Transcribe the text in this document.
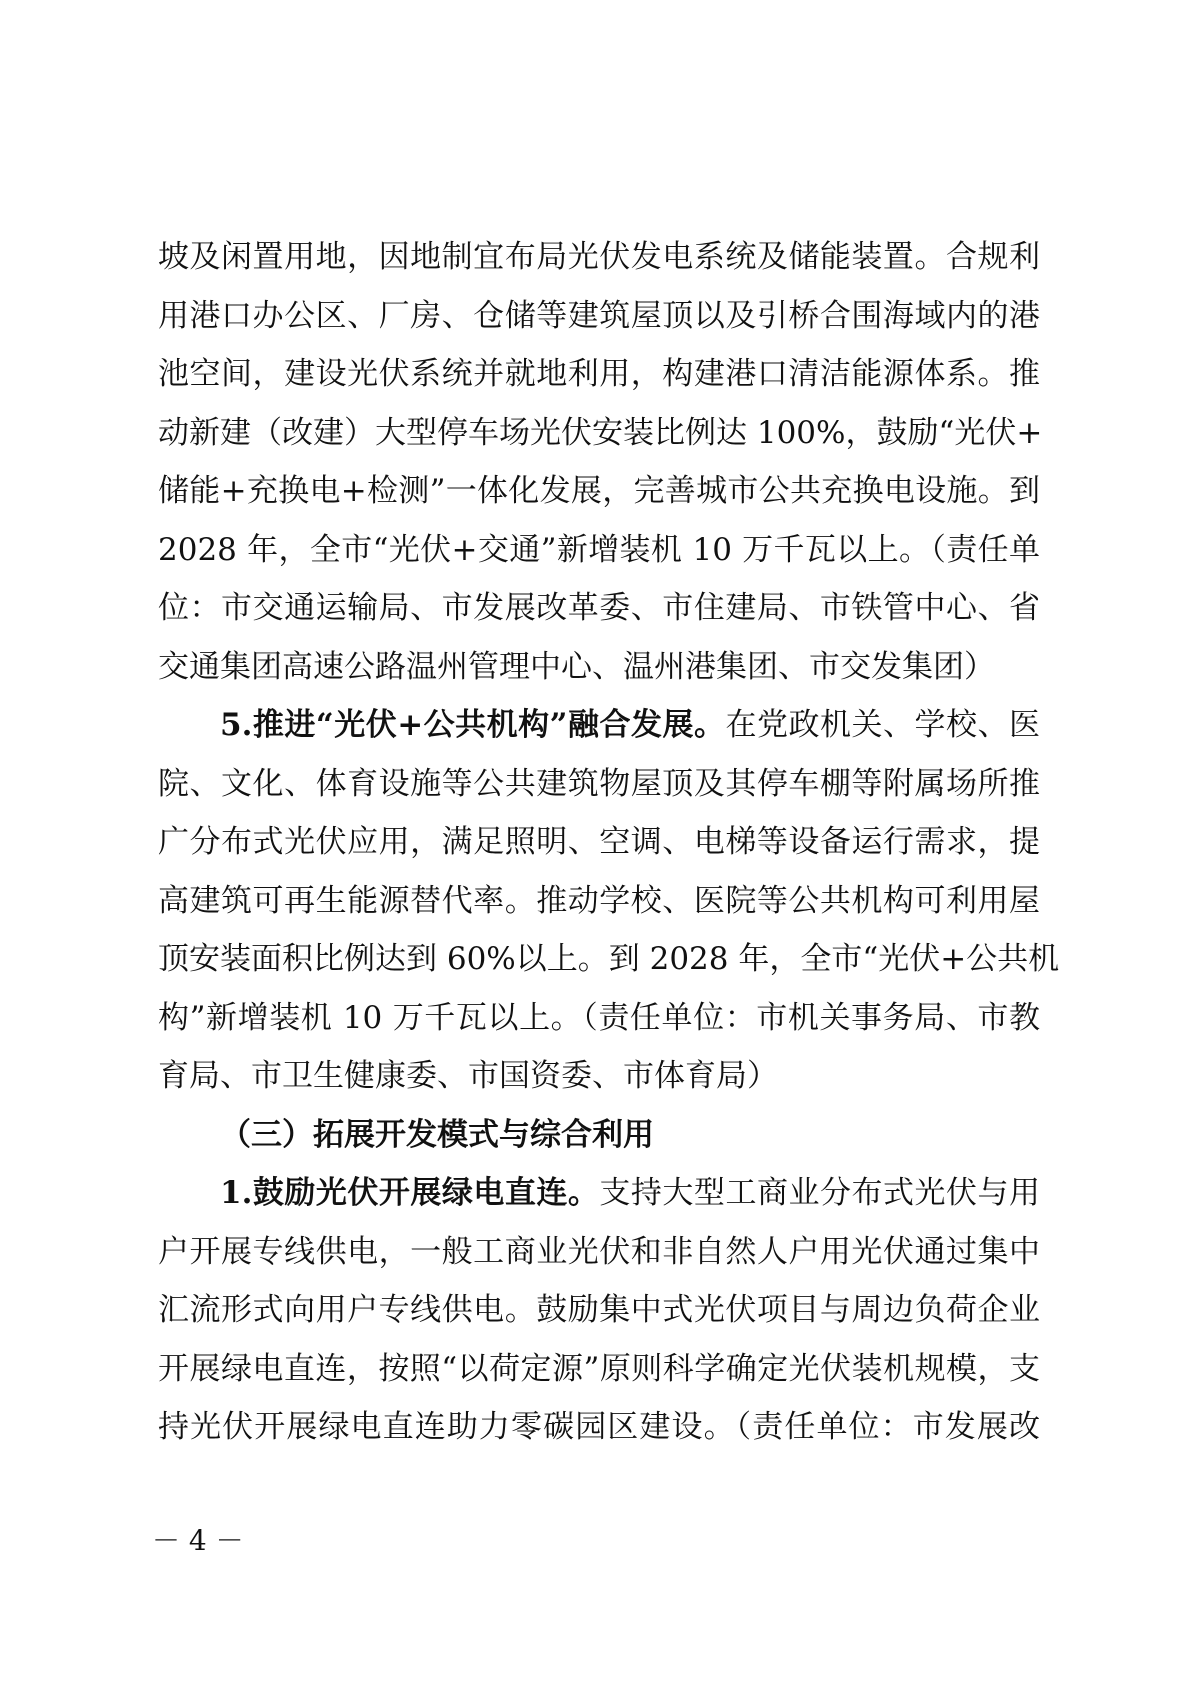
坡及闲置用地，因地制宜布局光伏发电系统及储能装置。合规利
用港口办公区、厂房、仓储等建筑屋顶以及引桥合围海域内的港
池空间，建设光伏系统并就地利用，构建港口清洁能源体系。推
动新建（改建）大型停车场光伏安装比例达 100%，鼓励“光伏+
储能+充换电+检测”一体化发展，完善城市公共充换电设施。到
2028 年，全市“光伏+交通”新增装机 10 万千瓦以上。（责任单
位：市交通运输局、市发展改革委、市住建局、市铁管中心、省
交通集团高速公路温州管理中心、温州港集团、市交发集团）
5.推进“光伏+公共机构”融合发展。在党政机关、学校、医
院、文化、体育设施等公共建筑物屋顶及其停车棚等附属场所推
广分布式光伏应用，满足照明、空调、电梯等设备运行需求，提
高建筑可再生能源替代率。推动学校、医院等公共机构可利用屋
顶安装面积比例达到 60%以上。到 2028 年，全市“光伏+公共机
构”新增装机 10 万千瓦以上。（责任单位：市机关事务局、市教
育局、市卫生健康委、市国资委、市体育局）
（三）拓展开发模式与综合利用
1.鼓励光伏开展绿电直连。支持大型工商业分布式光伏与用
户开展专线供电，一般工商业光伏和非自然人户用光伏通过集中
汇流形式向用户专线供电。鼓励集中式光伏项目与周边负荷企业
开展绿电直连，按照“以荷定源”原则科学确定光伏装机规模，支
持光伏开展绿电直连助力零碳园区建设。（责任单位：市发展改
－ 4 －
